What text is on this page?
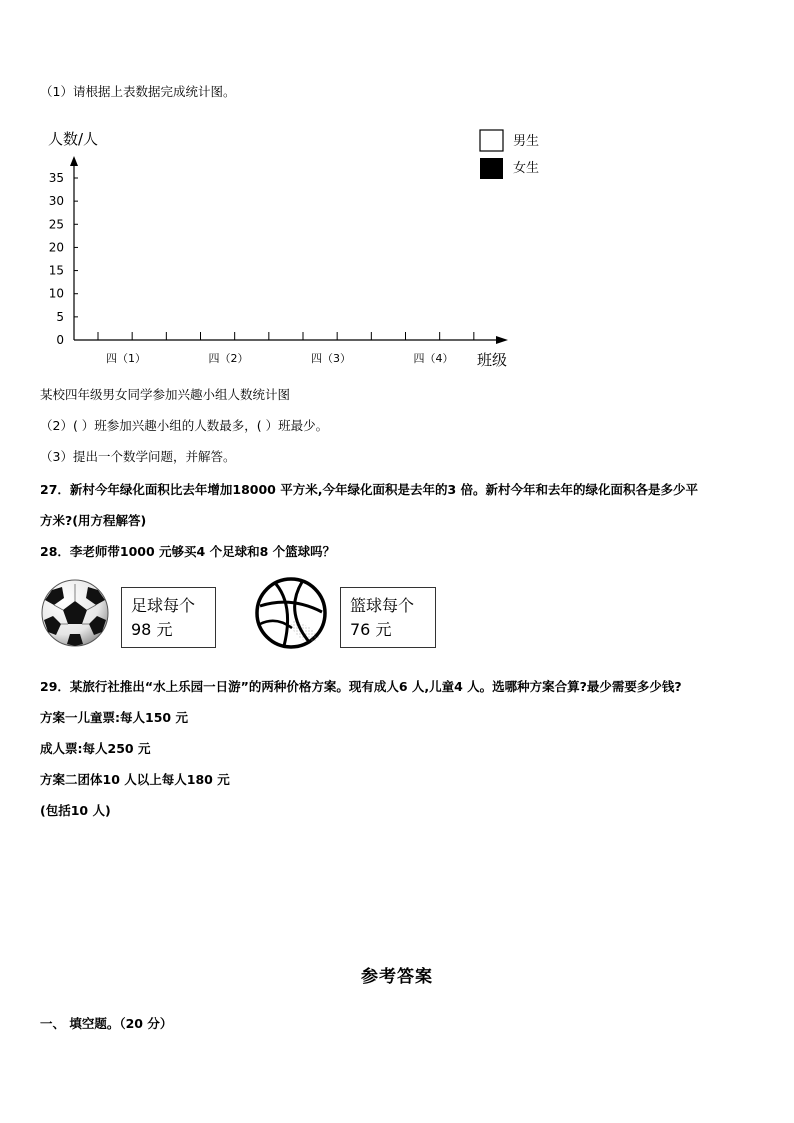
（1）请根据上表数据完成统计图。
人数/人	男生
女生
0
5
10
15
20
25
30
35
四（1）	四（2）	四（3）	四（4） 班级
某校四年级男女同学参加兴趣小组人数统计图
（2）( ）班参加兴趣小组的人数最多，( ）班最少。
（3）提出一个数学问题，并解答。
27．新村今年绿化面积比去年增加18000 平方米,今年绿化面积是去年的3 倍。新村今年和去年的绿化面积各是多少平
方米?(用方程解答)
28．李老师带1000 元够买4 个足球和8 个篮球吗？
足球每个
98 元
篮球每个
76 元
29．某旅行社推出“水上乐园一日游”的两种价格方案。现有成人6 人,儿童4 人。选哪种方案合算?最少需要多少钱?
方案一儿童票:每人150 元
成人票:每人250 元
方案二团体10 人以上每人180 元
(包括10 人)
参考答案
一、 填空题。（20 分）
